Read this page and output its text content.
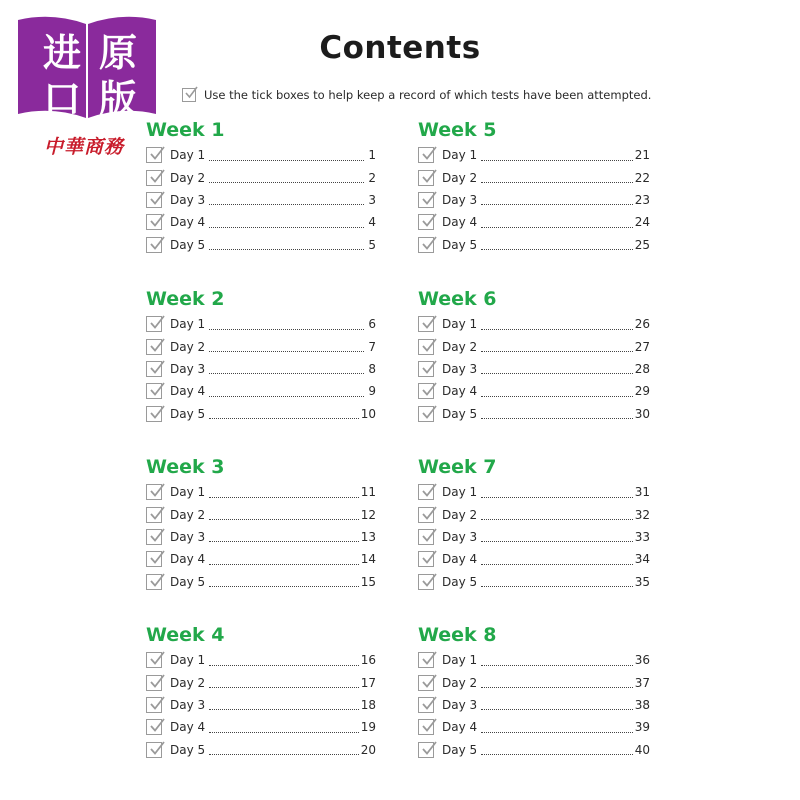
进 原
口 版
中華商務
Contents
Use the tick boxes to help keep a record of which tests have been attempted.
Week 1
Day 1	1
Day 2	2
Day 3	3
Day 4	4
Day 5	5
Week 2
Day 1	6
Day 2	7
Day 3	8
Day 4	9
Day 5	10
Week 3
Day 1	11
Day 2	12
Day 3	13
Day 4	14
Day 5	15
Week 4
Day 1	16
Day 2	17
Day 3	18
Day 4	19
Day 5	20
Week 5
Day 1	21
Day 2	22
Day 3	23
Day 4	24
Day 5	25
Week 6
Day 1	26
Day 2	27
Day 3	28
Day 4	29
Day 5	30
Week 7
Day 1	31
Day 2	32
Day 3	33
Day 4	34
Day 5	35
Week 8
Day 1	36
Day 2	37
Day 3	38
Day 4	39
Day 5	40
